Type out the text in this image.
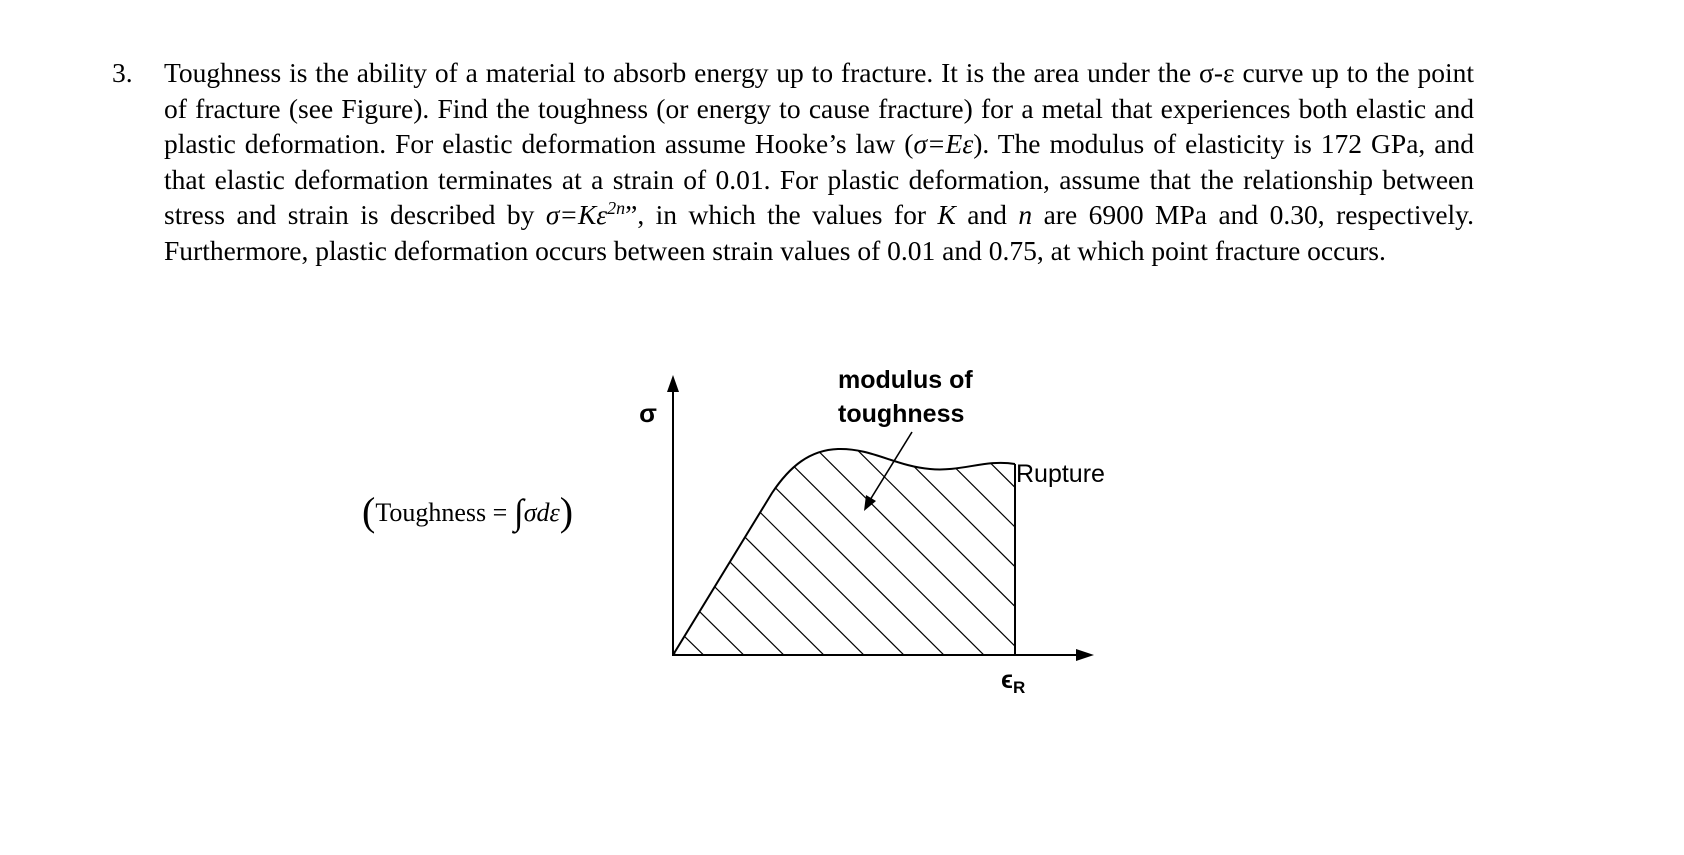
3. Toughness is the ability of a material to absorb energy up to fracture. It is the area under the σ-ε curve up to the point of fracture (see Figure). Find the toughness (or energy to cause fracture) for a metal that experiences both elastic and plastic deformation. For elastic deformation assume Hooke’s law (σ=Eε). The modulus of elasticity is 172 GPa, and that elastic deformation terminates at a strain of 0.01. For plastic deformation, assume that the relationship between stress and strain is described by $\sigma=K\varepsilon^{2n}$”, in which the values for K and n are 6900 MPa and 0.30, respectively. Furthermore, plastic deformation occurs between strain values of 0.01 and 0.75, at which point fracture occurs.
(Toughness = ∫σdε)
σ
modulus of
toughness
Rupture
$\epsilon_R$
